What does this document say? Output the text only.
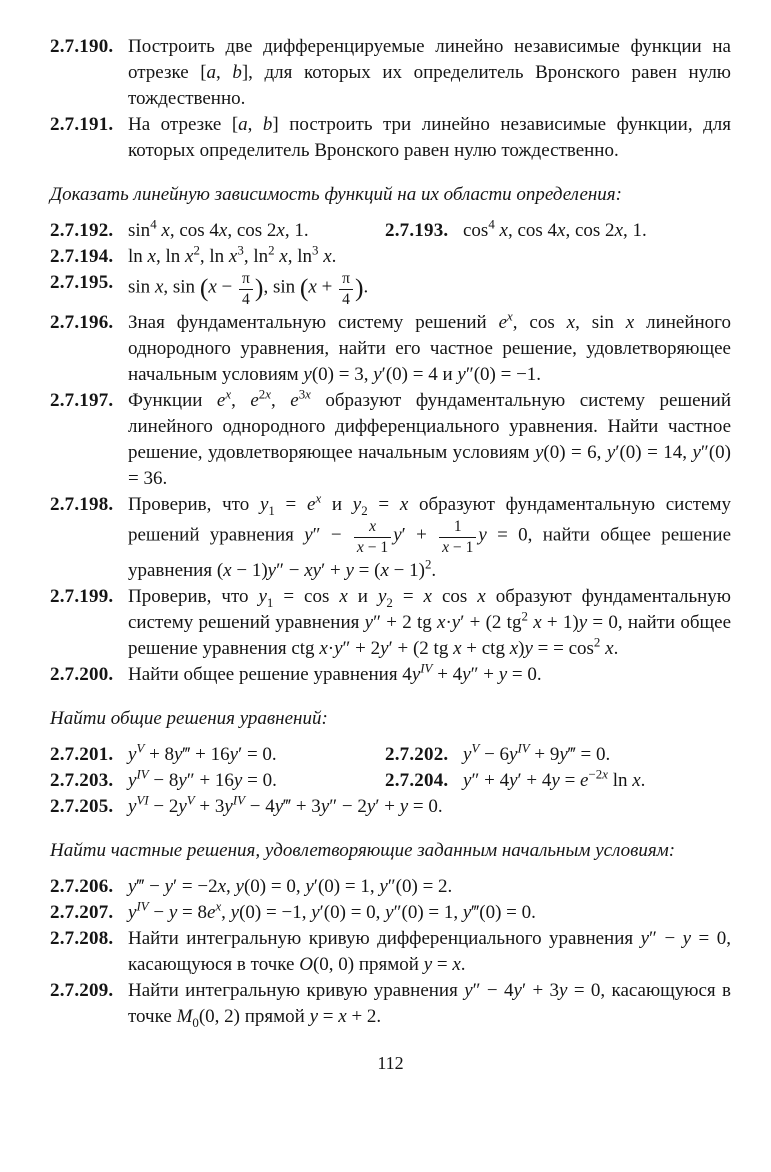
2.7.190. Построить две дифференцируемые линейно независимые функции на отрезке [a, b], для которых их определитель Вронского равен нулю тождественно.
2.7.191. На отрезке [a, b] построить три линейно независимые функции, для которых определитель Вронского равен нулю тождественно.

Доказать линейную зависимость функций на их области определения:

2.7.192. $\sin^4 x$, cos 4x, cos 2x, 1.	2.7.193. $\cos^4 x$, cos 4x, cos 2x, 1.
2.7.194. ln x, $\ln x^2$, $\ln x^3$, $\ln^2 x$, $\ln^3 x$.
2.7.195. sin x, $\sin (x - \frac{\pi}{4}$ ), $\sin (x + \frac{\pi}{4}$ ).
2.7.196. Зная фундаментальную систему решений $e^x$, cos x, sin x линейного однородного уравнения, найти его частное решение, удовлетворяющее начальным условиям y(0) = 3, y′(0) = 4 и y″(0) = −1.
2.7.197. Функции $e^x$, $e^{2x}$, $e^{3x}$ образуют фундаментальную систему решений линейного однородного дифференциального уравнения. Найти частное решение, удовлетворяющее начальным условиям y(0) = 6, y′(0) = 14, y″(0) = 36.
2.7.198. Проверив, что $y_1 = e^x$ и $y_2 = x$ образуют фундаментальную систему решений уравнения $y'' - \frac{x}{x - 1} y' + \frac{1}{x - 1}$ y = 0, найти общее решение уравнения $(x - 1)y'' - xy' + y = (x - 1)^2$.
2.7.199. Проверив, что $y_1 = \cos x$ и $y_2 = x$ cos x образуют фундаментальную систему решений уравнения y″ + 2 tg x·y′ + (2 $tg^2$ x + 1)y = 0, найти общее решение уравнения ctg x·y″ + 2y′ + (2 tg x + ctg x)y = = $\cos^2 x$.
2.7.200. Найти общее решение уравнения $4y^{IV} + 4y'' + y = 0$.

Найти общие решения уравнений:

2.7.201. $y^V$ + 8y‴ + 16y′ = 0.	2.7.202. $y^V - 6y^{IV}$ + 9y‴ = 0.
2.7.203. $y^{IV} - 8y'' + 16y = 0$.	2.7.204. $y'' + 4y' + 4y = e^{-2x}$ ln x.
2.7.205. $y^{VI} - 2y^V + 3y^{IV}$ − 4y‴ + 3y″ − 2y′ + y = 0.

Найти частные решения, удовлетворяющие заданным начальным условиям:

2.7.206. y‴ − y′ = −2x, y(0) = 0, y′(0) = 1, y″(0) = 2.
2.7.207. $y^{IV} - y = 8e^x$, y(0) = −1, y′(0) = 0, y″(0) = 1, y‴(0) = 0.
2.7.208. Найти интегральную кривую дифференциального уравнения y″ − y = 0, касающуюся в точке O(0, 0) прямой y = x.
2.7.209. Найти интегральную кривую уравнения y″ − 4y′ + 3y = 0, касающуюся в точке $M_0(0$, 2) прямой y = x + 2.
112
